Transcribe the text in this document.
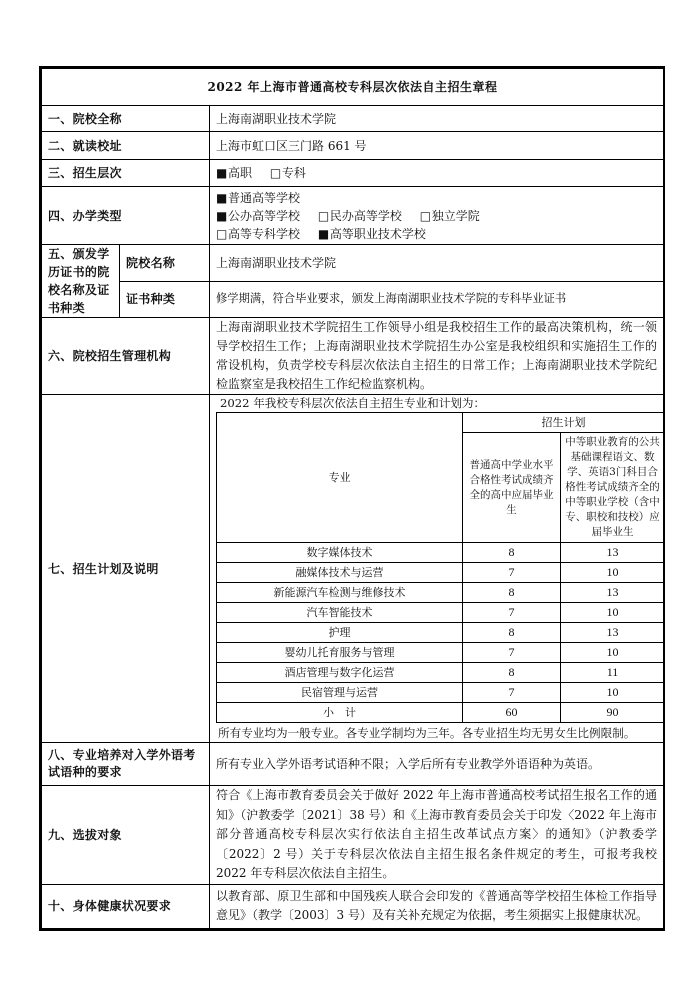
2022 年上海市普通高校专科层次依法自主招生章程
一、院校全称	上海南湖职业技术学院
二、就读校址	上海市虹口区三门路 661 号
三、招生层次	■高职 □专科
四、办学类型	
■普通高等学校
■公办高等学校 □民办高等学校 □独立学院
□高等专科学校 ■高等职业技术学校

五、颁发学历证书的院校名称及证书种类	院校名称	上海南湖职业技术学院
证书种类	修学期满，符合毕业要求，颁发上海南湖职业技术学院的专科毕业证书
六、院校招生管理机构	上海南湖职业技术学院招生工作领导小组是我校招生工作的最高决策机构，统一领导学校招生工作；上海南湖职业技术学院招生办公室是我校组织和实施招生工作的常设机构，负责学校专科层次依法自主招生的日常工作；上海南湖职业技术学院纪检监察室是我校招生工作纪检监察机构。
七、招生计划及说明	
2022 年我校专科层次依法自主招生专业和计划为：
专业	招生计划
普通高中学业水平合格性考试成绩齐全的高中应届毕业生	中等职业教育的公共基础课程语文、数学、英语3门科目合格性考试成绩齐全的中等职业学校（含中专、职校和技校）应届毕业生
数字媒体技术	8	13
融媒体技术与运营	7	10
新能源汽车检测与维修技术	8	13
汽车智能技术	7	10
护理	8	13
婴幼儿托育服务与管理	7	10
酒店管理与数字化运营	8	11
民宿管理与运营	7	10
小　计	60	90
所有专业均为一般专业。各专业学制均为三年。各专业招生均无男女生比例限制。

八、专业培养对入学外语考试语种的要求	所有专业入学外语考试语种不限；入学后所有专业教学外语语种为英语。
九、选拔对象	符合《上海市教育委员会关于做好 2022 年上海市普通高校考试招生报名工作的通知》（沪教委学〔2021〕38 号）和《上海市教育委员会关于印发〈2022 年上海市部分普通高校专科层次实行依法自主招生改革试点方案〉的通知》（沪教委学〔2022〕2 号）关于专科层次依法自主招生报名条件规定的考生，可报考我校 2022 年专科层次依法自主招生。
十、身体健康状况要求	以教育部、原卫生部和中国残疾人联合会印发的《普通高等学校招生体检工作指导意见》（教学〔2003〕3 号）及有关补充规定为依据，考生须据实上报健康状况。
